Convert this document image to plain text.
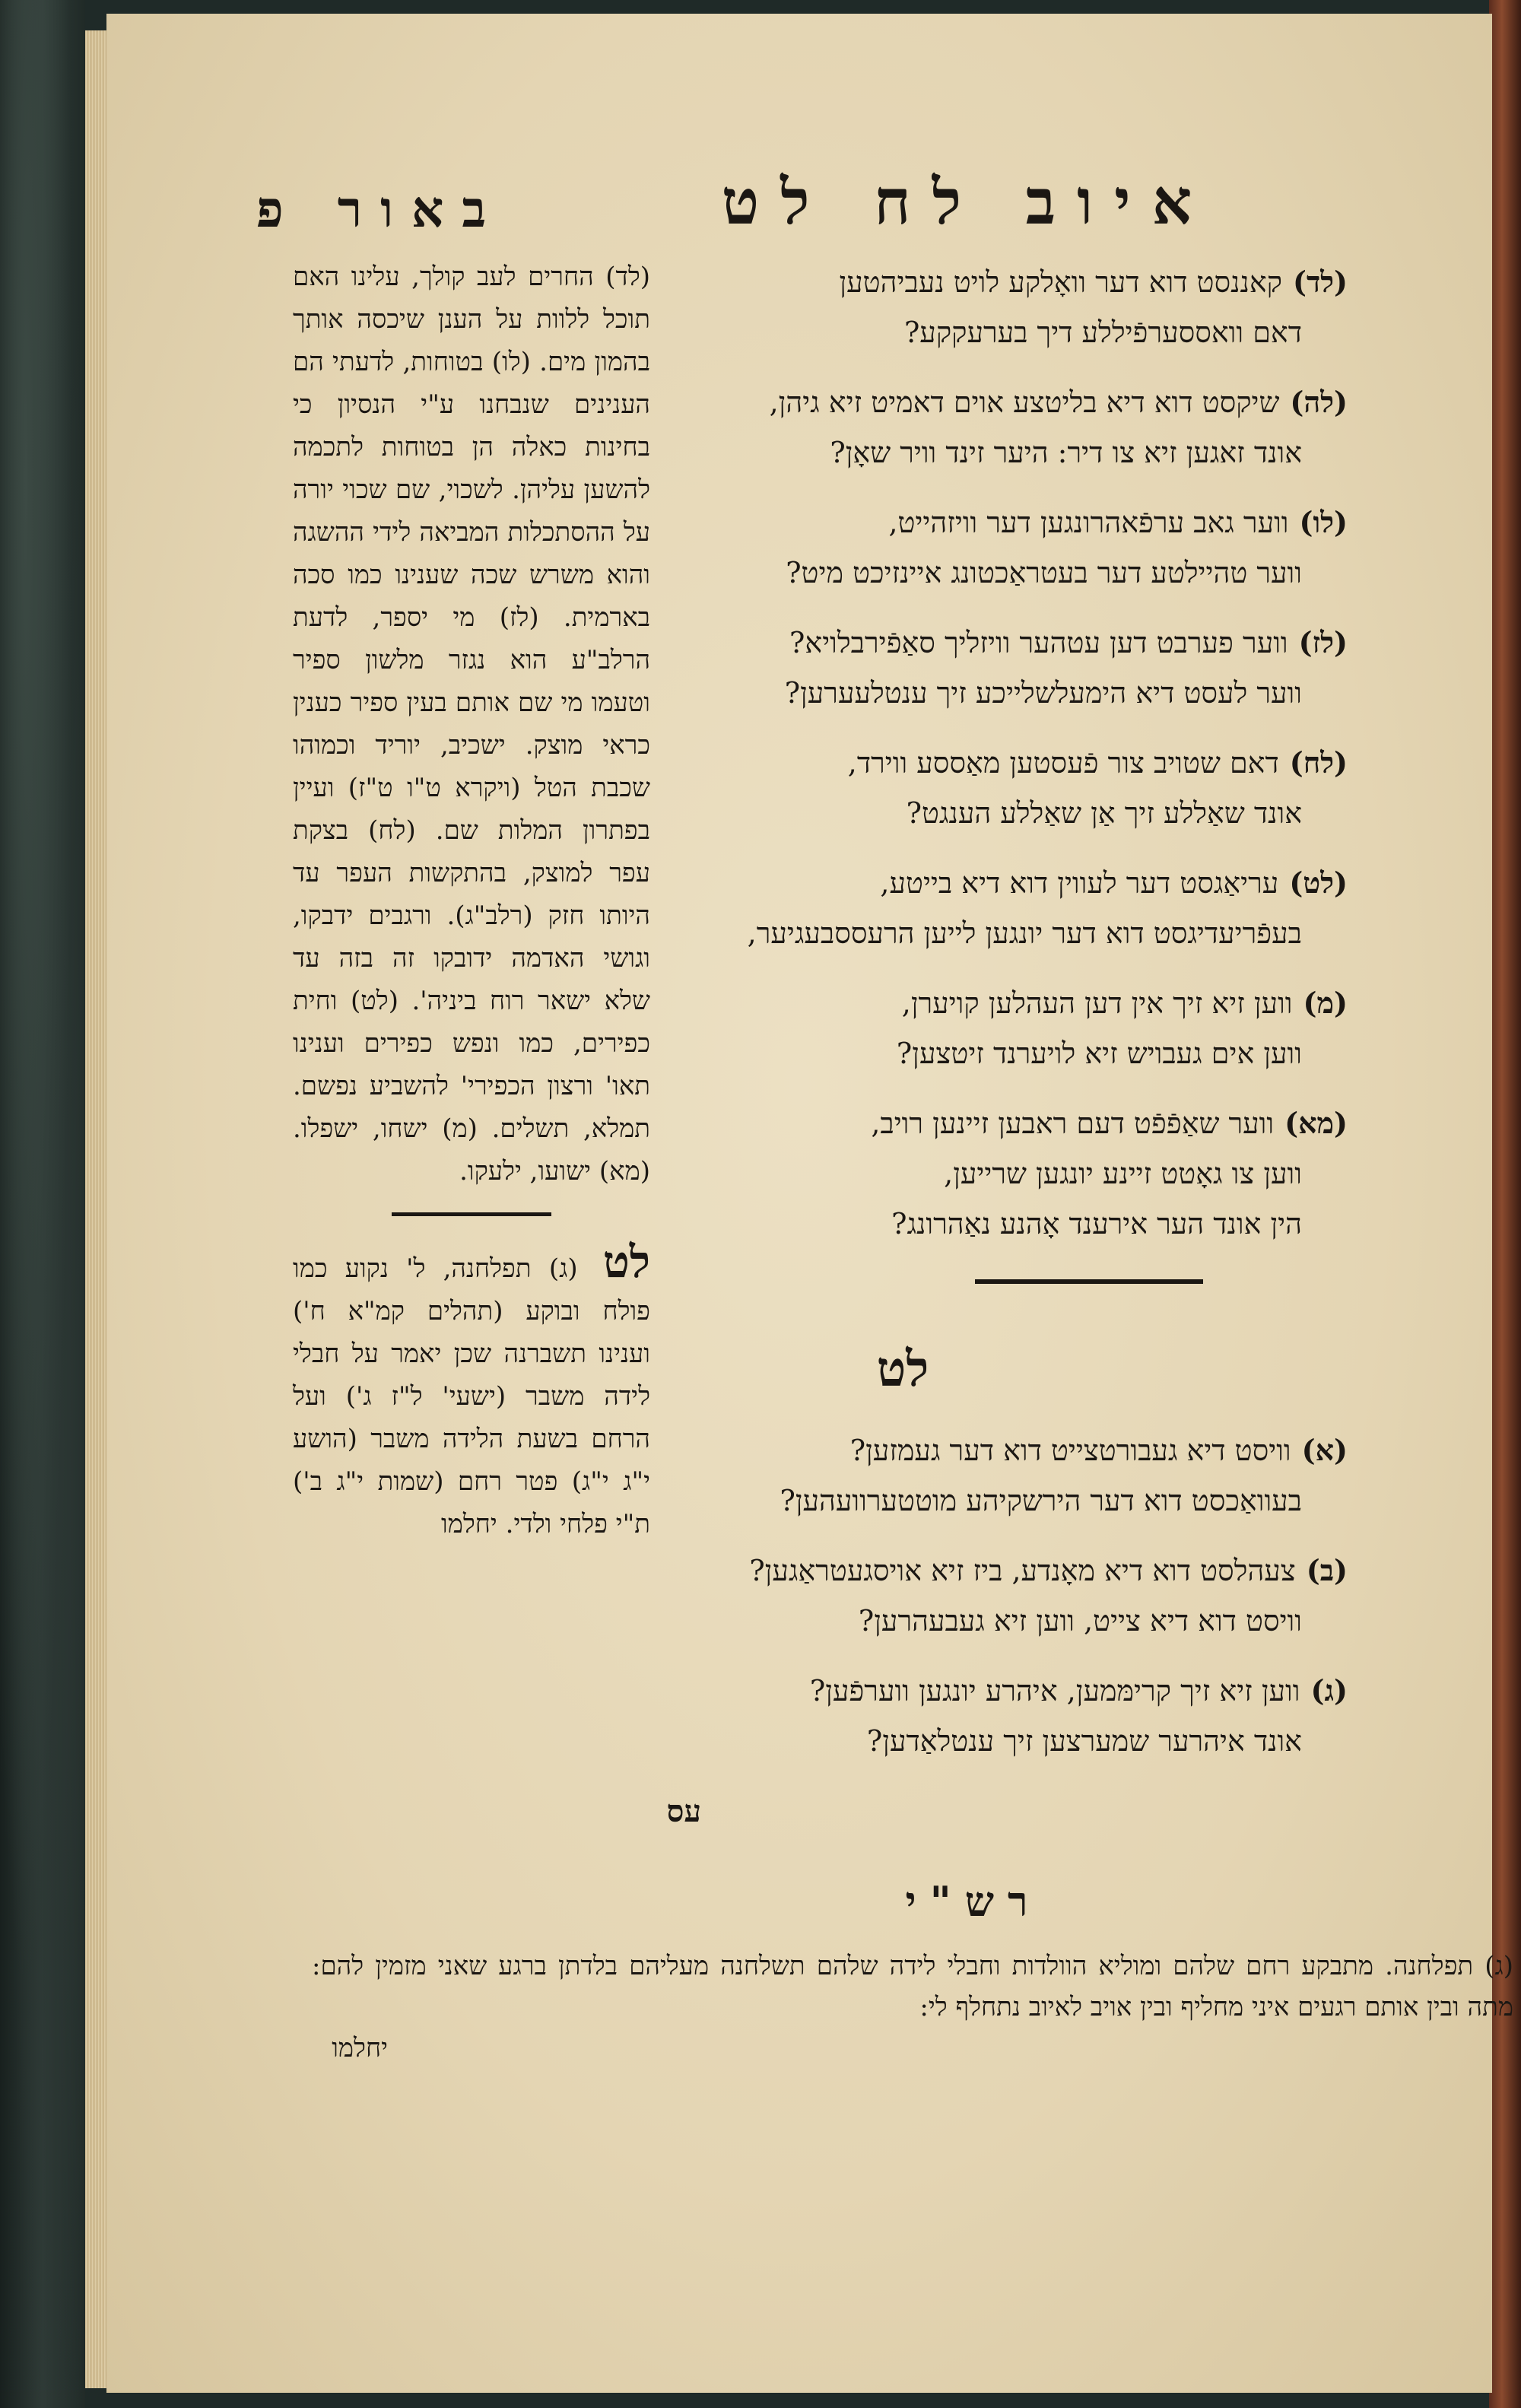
איוב לח לט
באור פ
(לד)קאננסט דוא דער וואָלקע לויט נעביהטען
דאם וואססערפֿיללע דיך בערעקקע?
(לה)שיקסט דוא דיא בליטצע אוים דאמיט זיא גיהן,
אונד זאגען זיא צו דיר: היער זינד וויר שאָן?
(לו)ווער גאב ערפֿאהרונגען דער וויזהייט,
ווער טהיילטע דער בעטראַכטונג איינזיכט מיט?
(לז)ווער פערבט דען עטהער וויזליך סאַפֿירבלויא?
ווער לעסט דיא הימעלשלייכע זיך ענטלעערען?
(לח)דאם שטויב צור פֿעסטען מאַססע ווירד,
אונד שאַללע זיך אַן שאַללע הענגט?
(לט)עריאַגסט דער לעווין דוא דיא בייטע,
בעפֿריעדיגסט דוא דער יונגען לייען הרעססבעגיער,
(מ)ווען זיא זיך אין דען העהלען קויערן,
ווען אים געבויש זיא לויערנד זיטצען?
(מא)ווער שאַפֿפֿט דעם ראבען זיינען רויב,
ווען צו גאָטט זיינע יונגען שרייען,
הין אונד הער אירענד אָהנע נאַהרונג?
לט
(א)וויסט דיא געבורטצייט דוא דער געמזען?
בעוואַכסט דוא דער הירשקיהע מוטטערוועהען?
(ב)צעהלסט דוא דיא מאָנדע, ביז זיא אויסגעטראַגען?
וויסט דוא דיא צייט, ווען זיא געבעהרען?
(ג)ווען זיא זיך קרימּמען, איהרע יונגען ווערפֿען?
אונד איהרער שמערצען זיך ענטלאַדען?
עס
(לד) החרים לעב קולך, עלינו האם תוכל ללוות על הענן שיכסה אותך בהמון מים. (לו) בטוחות, לדעתי הם הענינים שנבחנו ע"י הנסיון כי בחינות כאלה הן בטוחות לתכמה להשען עליהן. לשכוי, שם שכוי יורה על ההסתכלות המביאה לידי ההשגה והוא משרש שכה שענינו כמו סכה בארמית. (לז) מי יספר, לדעת הרלב"ע הוא נגזר מלשון ספיר וטעמו מי שם אותם בעין ספיר כענין כראי מוצק. ישכיב, יוריד וכמוהו שכבת הטל (ויקרא ט"ו ט"ז) ועיין בפתרון המלות שם. (לח) בצקת עפר למוצק, בהתקשות העפר עד היותו חזק (רלב"ג). ורגבים ידבקו, וגושי האדמה ידובקו זה בזה עד שלא ישאר רוח ביניה'. (לט) וחית כפירים, כמו ונפש כפירים וענינו תאו' ורצון הכפירי' להשביע נפשם. תמלא, תשלים. (מ) ישחו, ישפלו. (מא) ישועו, ילעקו.
לט (ג) תפלחנה, ל' נקוע כמו פולח ובוקע (תהלים קמ"א ח') וענינו תשברנה שכן יאמר על חבלי לידה משבר (ישעי' ל"ז ג') ועל הרחם בשעת הלידה משבר (הושע י"ג י"ג) פטר רחם (שמות י"ג ב') ת"י פלחי ולדי. יחלמו
רש"י
(ג) תפלחנה. מתבקע רחם שלהם ומוליא הוולדות וחבלי לידה שלהם תשלחנה מעליהם בלדתן ברגע שאני מזמין להם: מתה ובין אותם רגעים איני מחליף ובין אויב לאיוב נתחלף לי:
יחלמו
